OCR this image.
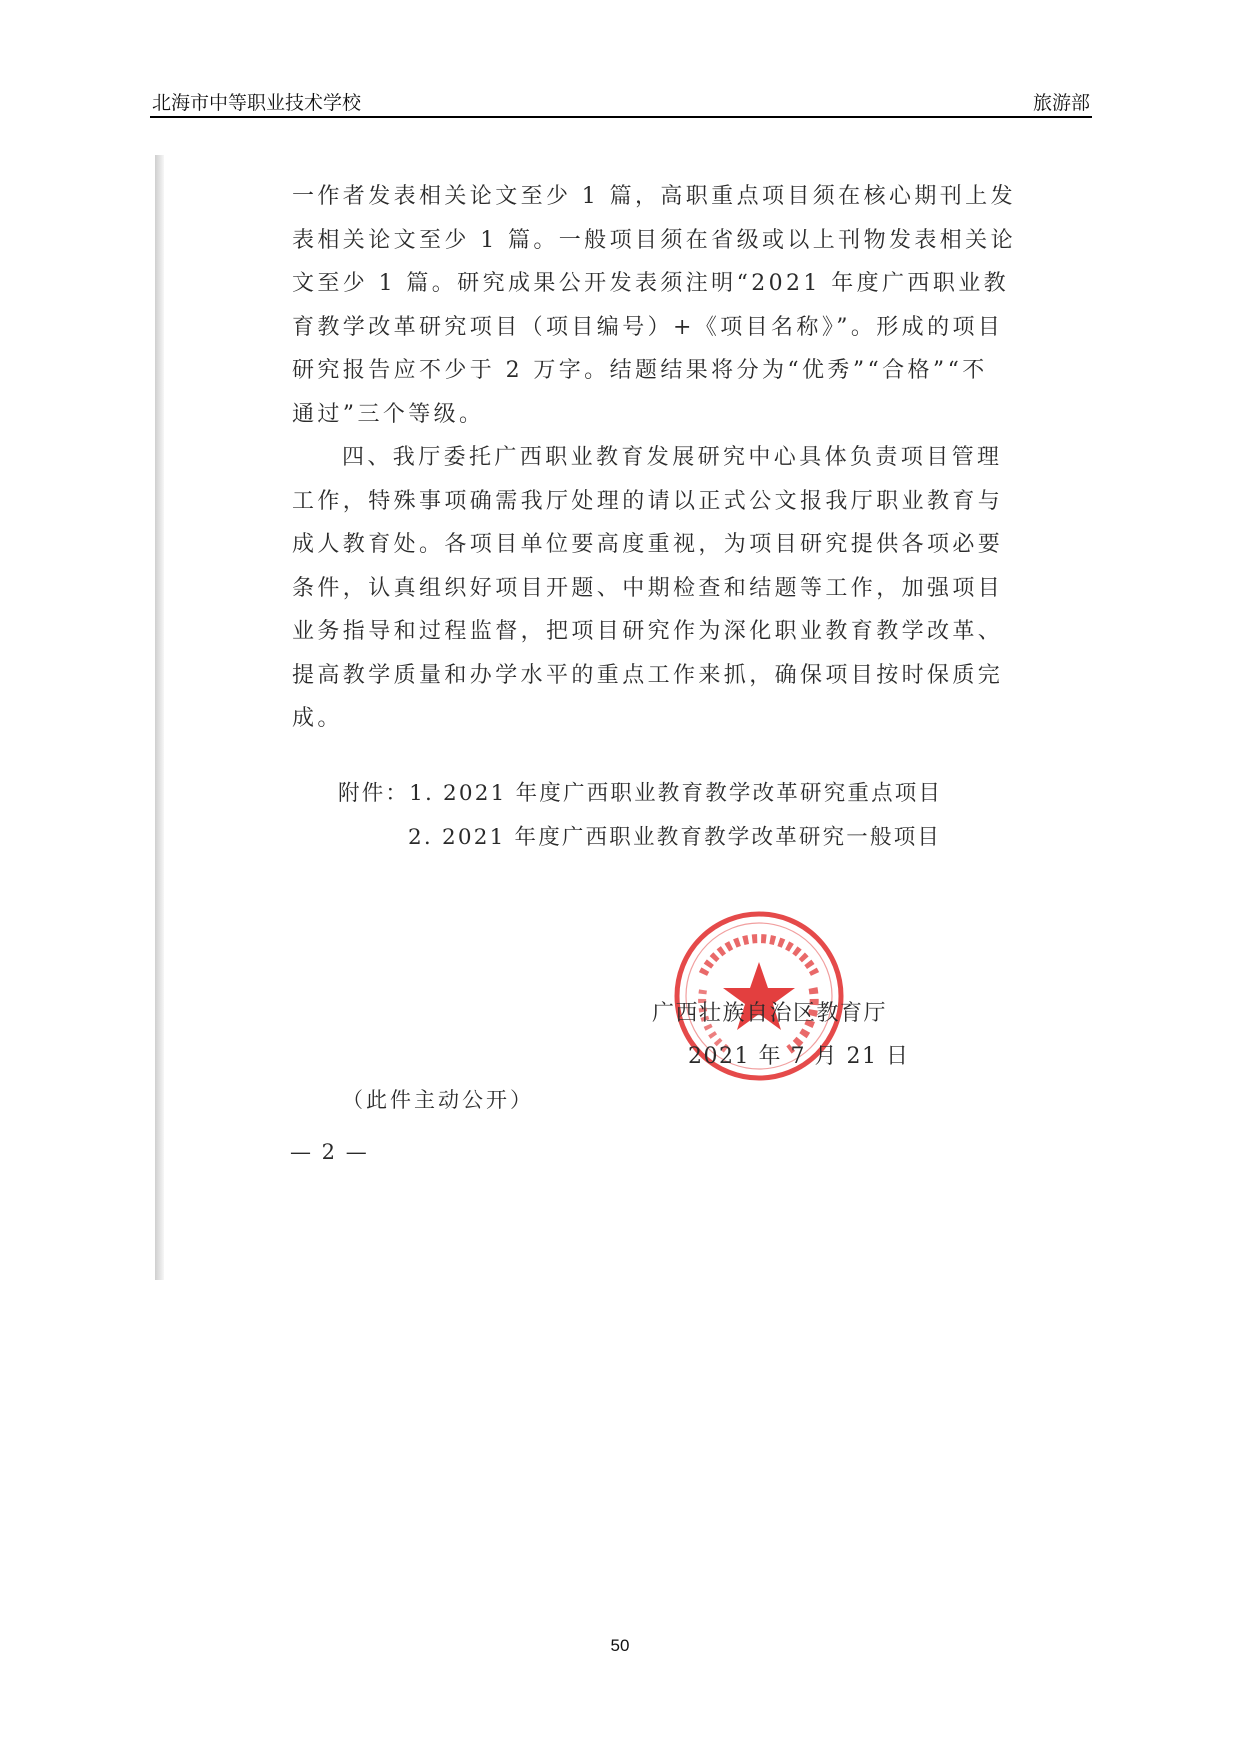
北海市中等职业技术学校	旅游部
一作者发表相关论文至少 1 篇，高职重点项目须在核心期刊上发
表相关论文至少 1 篇。一般项目须在省级或以上刊物发表相关论
文至少 1 篇。研究成果公开发表须注明“2021 年度广西职业教
育教学改革研究项目（项目编号）+《项目名称》”。形成的项目
研究报告应不少于 2 万字。结题结果将分为“优秀”“合格”“不
通过”三个等级。
四、我厅委托广西职业教育发展研究中心具体负责项目管理
工作，特殊事项确需我厅处理的请以正式公文报我厅职业教育与
成人教育处。各项目单位要高度重视，为项目研究提供各项必要
条件，认真组织好项目开题、中期检查和结题等工作，加强项目
业务指导和过程监督，把项目研究作为深化职业教育教学改革、
提高教学质量和办学水平的重点工作来抓，确保项目按时保质完
成。
附件：1. 2021 年度广西职业教育教学改革研究重点项目
2. 2021 年度广西职业教育教学改革研究一般项目
广西壮族自治区教育厅
2021 年 7 月 21 日
（此件主动公开）
— 2 —
50
